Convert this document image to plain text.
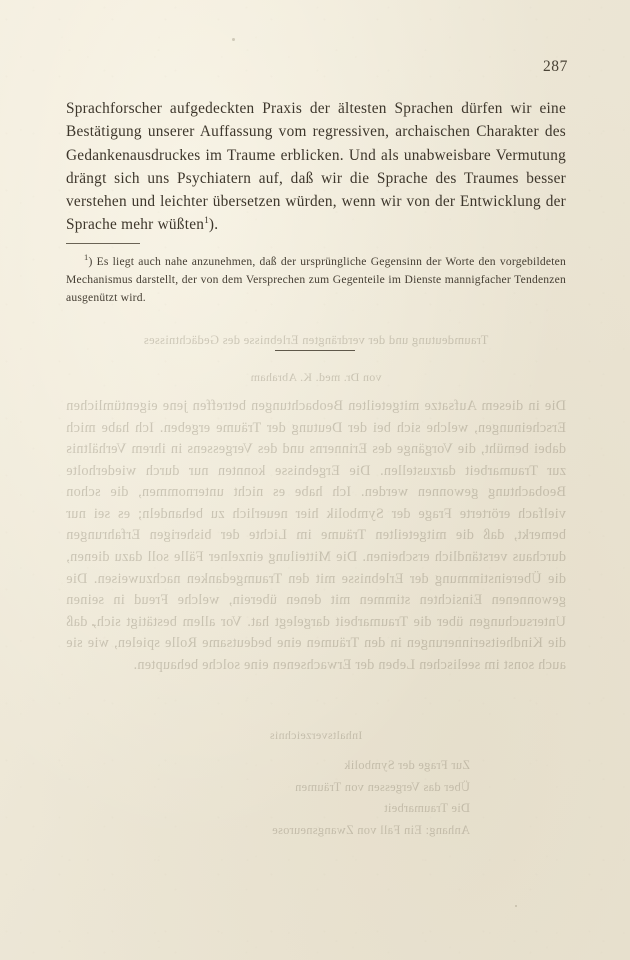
287
Sprachforscher aufgedeckten Praxis der ältesten Sprachen dürfen wir eine Bestätigung unserer Auffassung vom regressiven, archaischen Charakter des Gedankenausdruckes im Traume erblicken. Und als unabweisbare Vermutung drängt sich uns Psychiatern auf, daß wir die Sprache des Traumes besser verstehen und leichter übersetzen würden, wenn wir von der Entwicklung der Sprache mehr wüßten$^1$).
$^1$) Es liegt auch nahe anzunehmen, daß der ursprüngliche Gegensinn der Worte den vorgebildeten Mechanismus darstellt, der von dem Versprechen zum Gegenteile im Dienste mannigfacher Tendenzen ausgenützt wird.
Traumdeutung und der verdrängten Erlebnisse des Gedächtnisses
von Dr. med. K. Abraham
Die in diesem Aufsatze mitgeteilten Beobachtungen betreffen jene eigentümlichen Erscheinungen, welche sich bei der Deutung der Träume ergeben. Ich habe mich dabei bemüht, die Vorgänge des Erinnerns und des Vergessens in ihrem Verhältnis zur Traumarbeit darzustellen. Die Ergebnisse konnten nur durch wiederholte Beobachtung gewonnen werden. Ich habe es nicht unternommen, die schon vielfach erörterte Frage der Symbolik hier neuerlich zu behandeln; es sei nur bemerkt, daß die mitgeteilten Träume im Lichte der bisherigen Erfahrungen durchaus verständlich erscheinen. Die Mitteilung einzelner Fälle soll dazu dienen, die Übereinstimmung der Erlebnisse mit den Traumgedanken nachzuweisen. Die gewonnenen Einsichten stimmen mit denen überein, welche Freud in seinen Untersuchungen über die Traumarbeit dargelegt hat. Vor allem bestätigt sich, daß die Kindheitserinnerungen in den Träumen eine bedeutsame Rolle spielen, wie sie auch sonst im seelischen Leben der Erwachsenen eine solche behaupten.
Inhaltsverzeichnis
Zur Frage der Symbolik
Über das Vergessen von Träumen
Die Traumarbeit
Anhang: Ein Fall von Zwangsneurose
